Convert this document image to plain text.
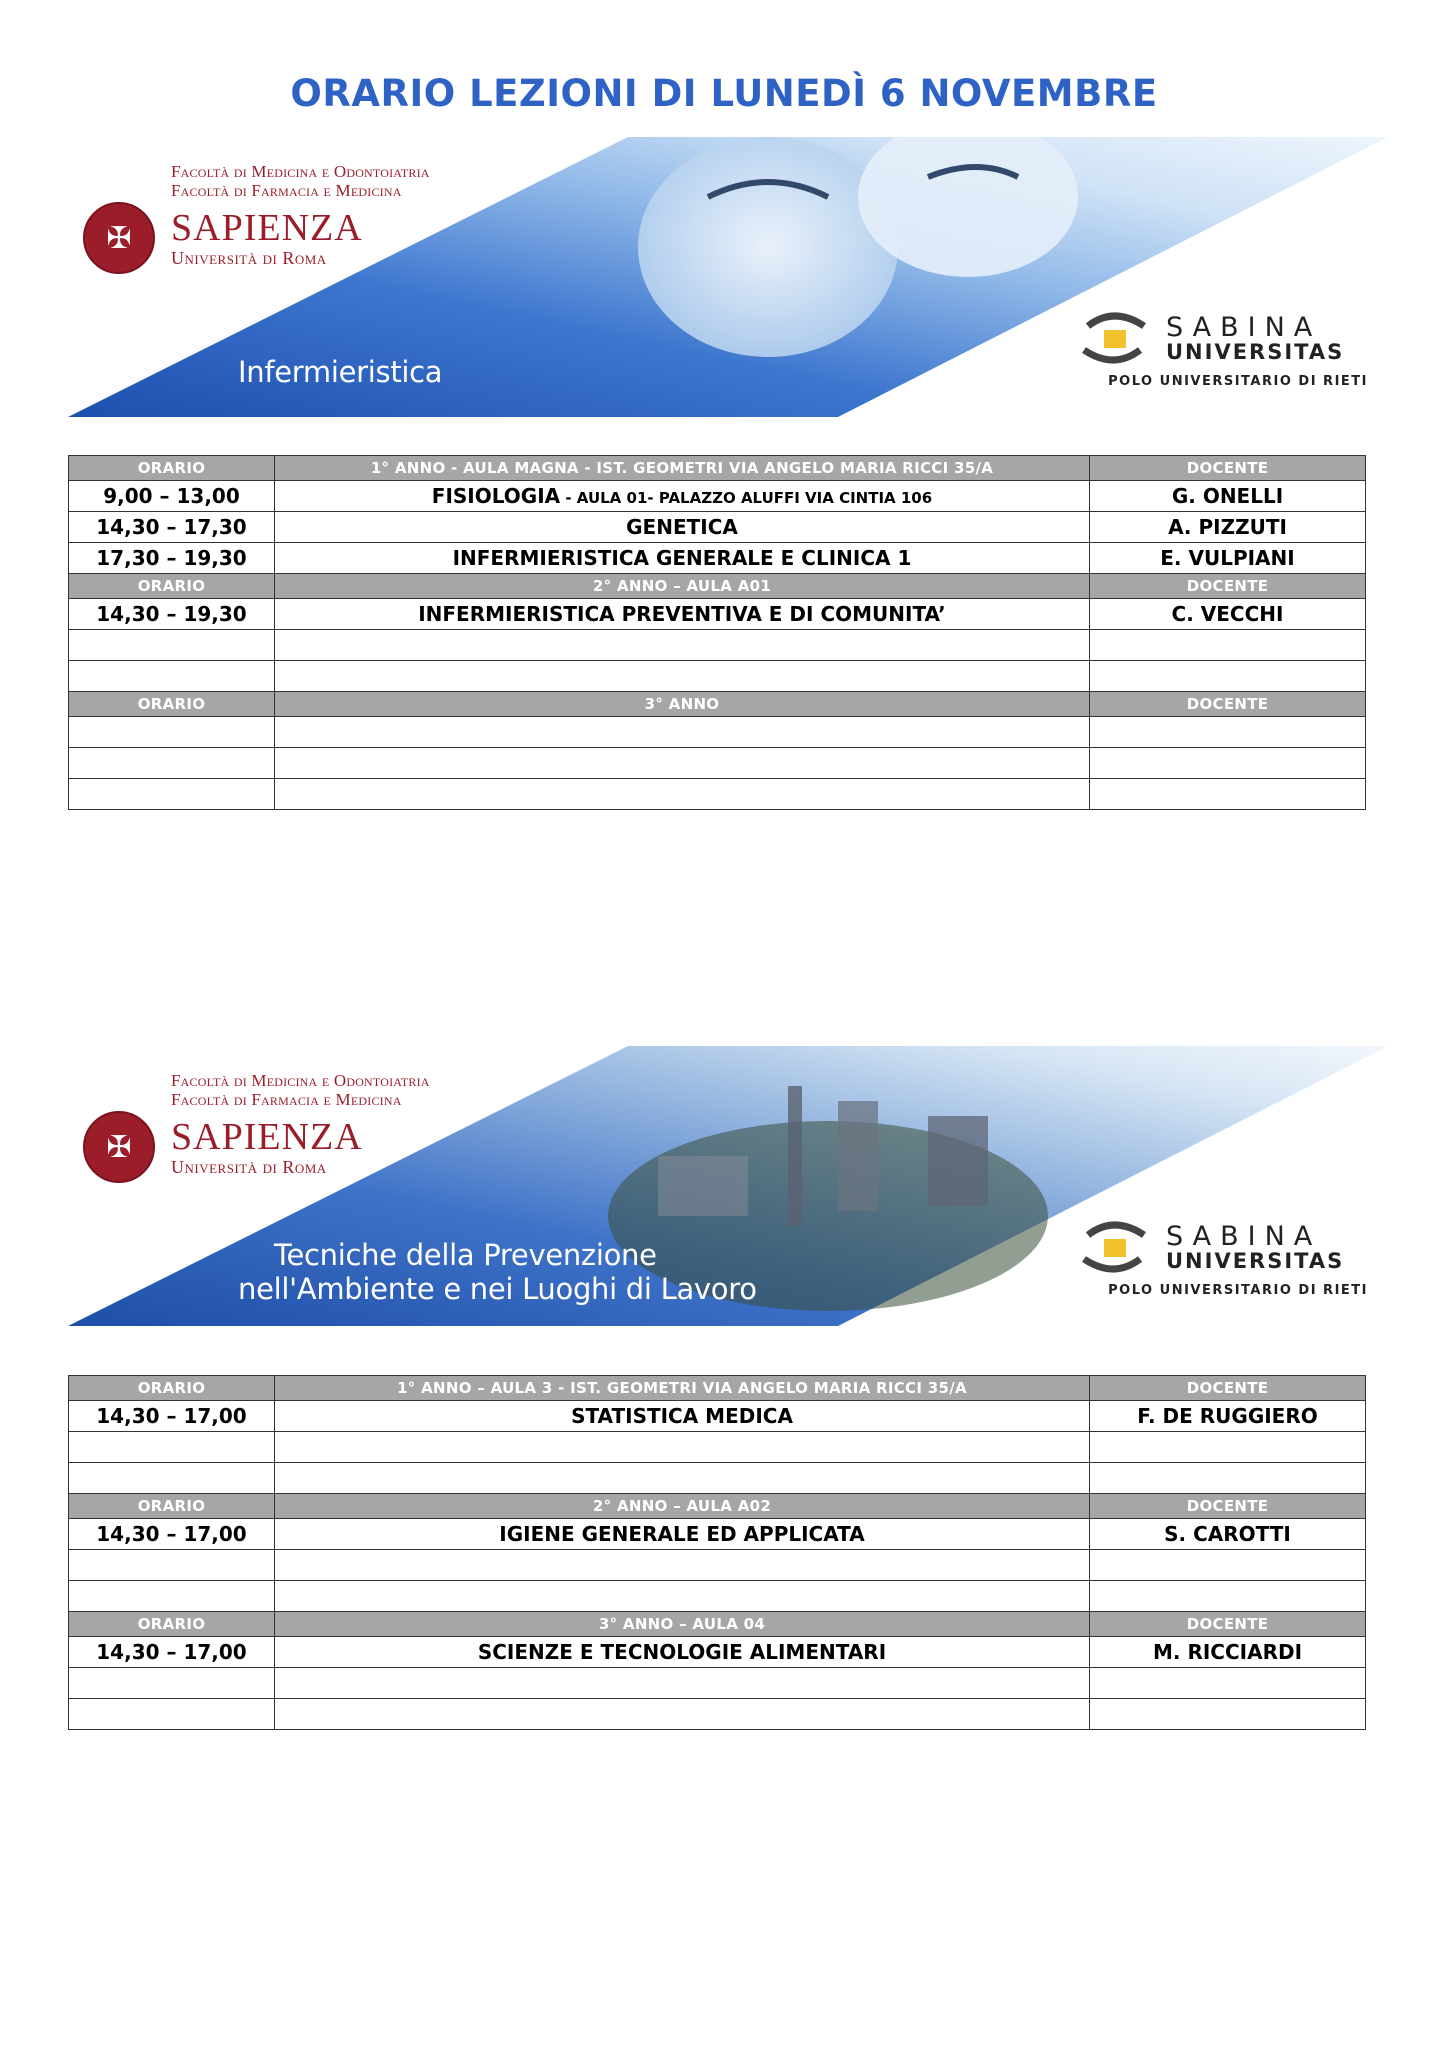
ORARIO LEZIONI DI LUNEDÌ 6 NOVEMBRE
✠
Facoltà di Medicina e Odontoiatria
Facoltà di Farmacia e Medicina
SAPIENZA
Università di Roma
Infermieristica
SABINA
UNIVERSITAS
POLO UNIVERSITARIO DI RIETI
ORARIO	1° ANNO - AULA MAGNA - IST. GEOMETRI VIA ANGELO MARIA RICCI 35/A	DOCENTE
9,00 – 13,00	FISIOLOGIA - AULA 01- PALAZZO ALUFFI VIA CINTIA 106	G. ONELLI
14,30 – 17,30	GENETICA	A. PIZZUTI
17,30 – 19,30	INFERMIERISTICA GENERALE E CLINICA 1	E. VULPIANI
ORARIO	2° ANNO – AULA A01	DOCENTE
14,30 – 19,30	INFERMIERISTICA PREVENTIVA E DI COMUNITA’	C. VECCHI

ORARIO	3° ANNO	DOCENTE

✠
Facoltà di Medicina e Odontoiatria
Facoltà di Farmacia e Medicina
SAPIENZA
Università di Roma
Tecniche della Prevenzione
nell'Ambiente e nei Luoghi di Lavoro
SABINA
UNIVERSITAS
POLO UNIVERSITARIO DI RIETI
ORARIO	1° ANNO – AULA 3 - IST. GEOMETRI VIA ANGELO MARIA RICCI 35/A	DOCENTE
14,30 – 17,00	STATISTICA MEDICA	F. DE RUGGIERO

ORARIO	2° ANNO – AULA A02	DOCENTE
14,30 – 17,00	IGIENE GENERALE ED APPLICATA	S. CAROTTI

ORARIO	3° ANNO – AULA 04	DOCENTE
14,30 – 17,00	SCIENZE E TECNOLOGIE ALIMENTARI	M. RICCIARDI
